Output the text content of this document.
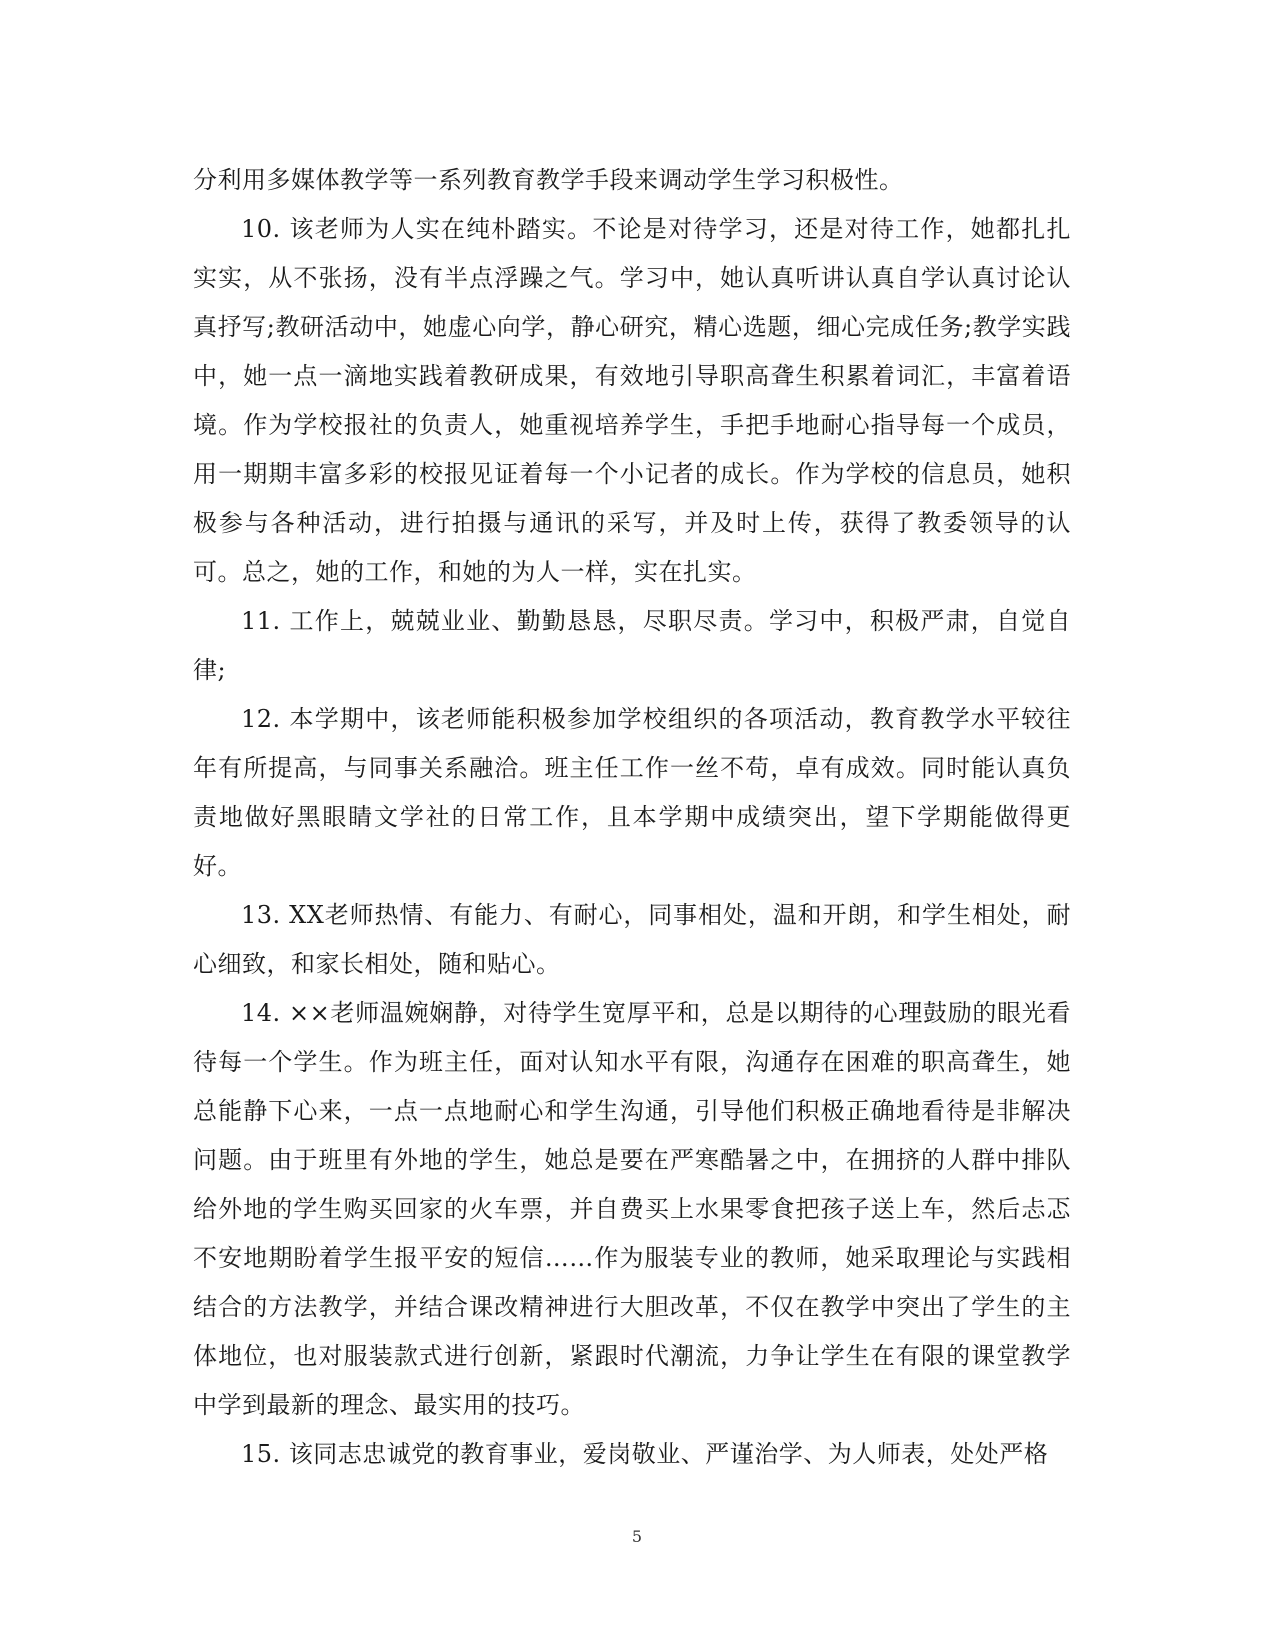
分利用多媒体教学等一系列教育教学手段来调动学生学习积极性。

10. 该老师为人实在纯朴踏实。不论是对待学习，还是对待工作，她都扎扎实实，从不张扬，没有半点浮躁之气。学习中，她认真听讲认真自学认真讨论认真抒写;教研活动中，她虚心向学，静心研究，精心选题，细心完成任务;教学实践中，她一点一滴地实践着教研成果，有效地引导职高聋生积累着词汇，丰富着语境。作为学校报社的负责人，她重视培养学生，手把手地耐心指导每一个成员，用一期期丰富多彩的校报见证着每一个小记者的成长。作为学校的信息员，她积极参与各种活动，进行拍摄与通讯的采写，并及时上传，获得了教委领导的认可。总之，她的工作，和她的为人一样，实在扎实。

11. 工作上，兢兢业业、勤勤恳恳，尽职尽责。学习中，积极严肃，自觉自律;

12. 本学期中，该老师能积极参加学校组织的各项活动，教育教学水平较往年有所提高，与同事关系融洽。班主任工作一丝不苟，卓有成效。同时能认真负责地做好黑眼睛文学社的日常工作，且本学期中成绩突出，望下学期能做得更好。

13. XX老师热情、有能力、有耐心，同事相处，温和开朗，和学生相处，耐心细致，和家长相处，随和贴心。

14. ××老师温婉娴静，对待学生宽厚平和，总是以期待的心理鼓励的眼光看待每一个学生。作为班主任，面对认知水平有限，沟通存在困难的职高聋生，她总能静下心来，一点一点地耐心和学生沟通，引导他们积极正确地看待是非解决问题。由于班里有外地的学生，她总是要在严寒酷暑之中，在拥挤的人群中排队给外地的学生购买回家的火车票，并自费买上水果零食把孩子送上车，然后忐忑不安地期盼着学生报平安的短信……作为服装专业的教师，她采取理论与实践相结合的方法教学，并结合课改精神进行大胆改革，不仅在教学中突出了学生的主体地位，也对服装款式进行创新，紧跟时代潮流，力争让学生在有限的课堂教学中学到最新的理念、最实用的技巧。

15. 该同志忠诚党的教育事业，爱岗敬业、严谨治学、为人师表，处处严格

5
